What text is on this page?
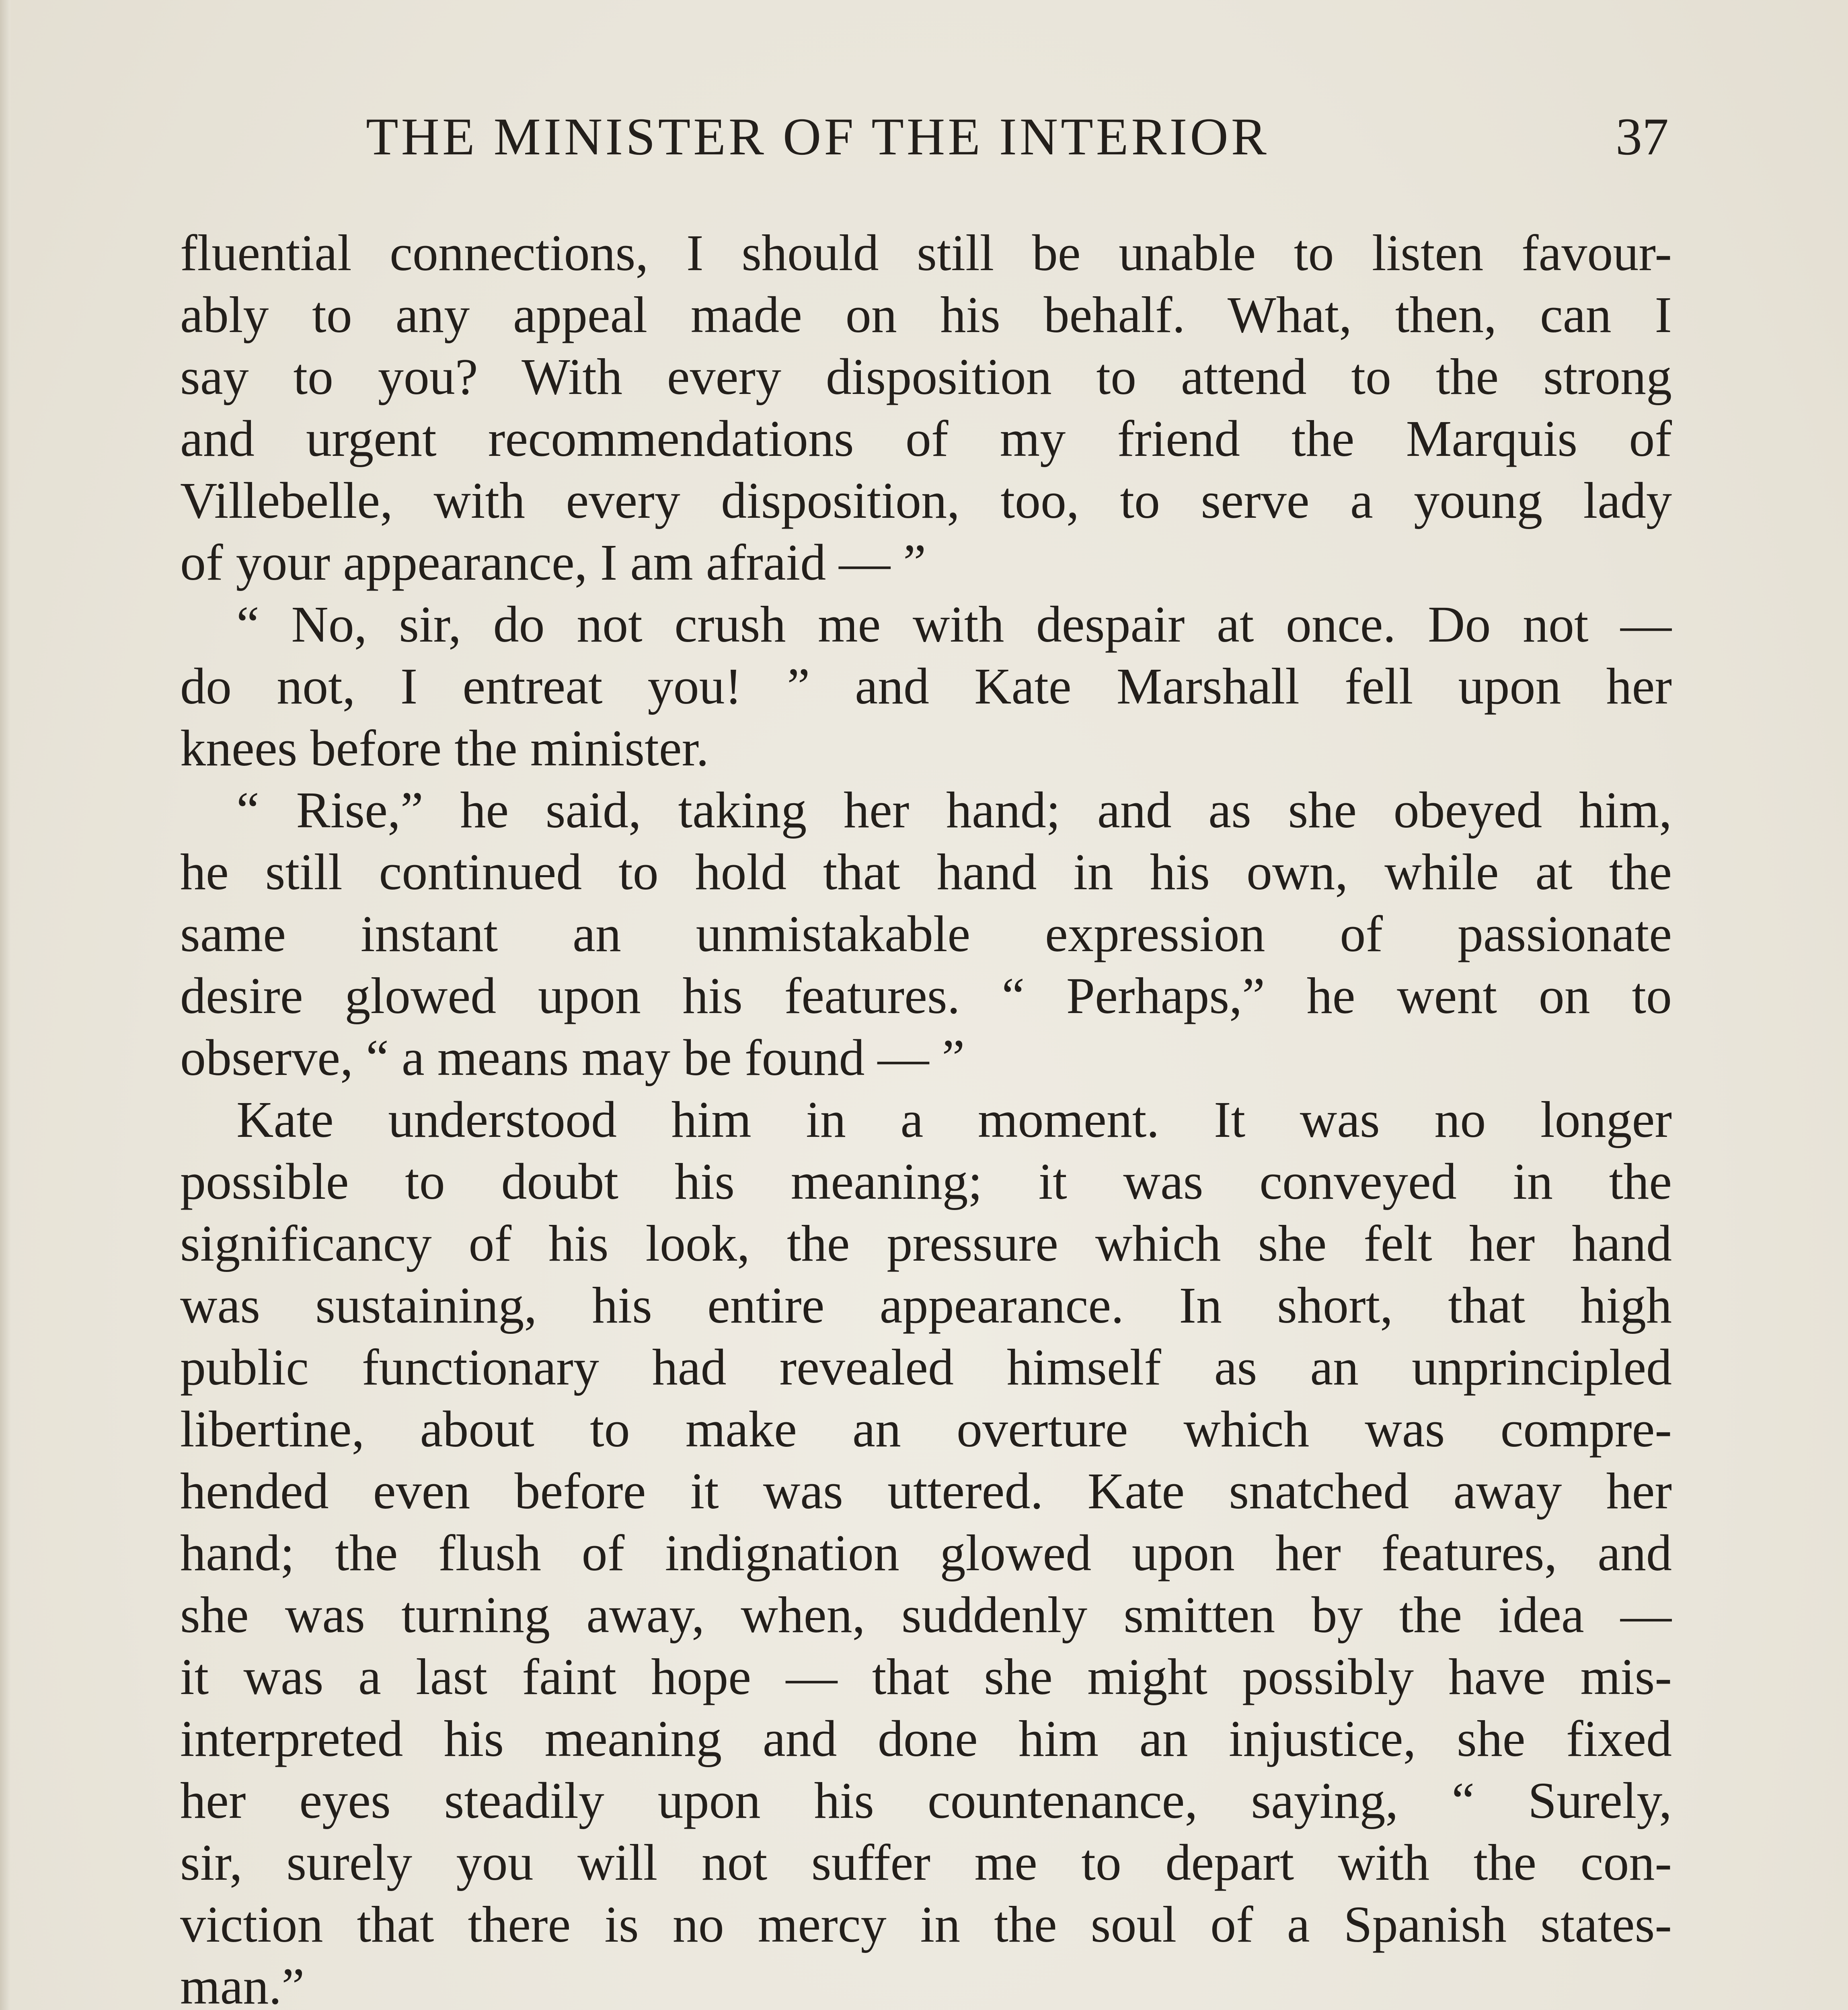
THE MINISTER OF THE INTERIOR	37
fluential connections, I should still be unable to listen favour-
ably to any appeal made on his behalf. What, then, can I
say to you? With every disposition to attend to the strong
and urgent recommendations of my friend the Marquis of
Villebelle, with every disposition, too, to serve a young lady
of your appearance, I am afraid — ”
“ No, sir, do not crush me with despair at once. Do not —
do not, I entreat you! ” and Kate Marshall fell upon her
knees before the minister.
“ Rise,” he said, taking her hand; and as she obeyed him,
he still continued to hold that hand in his own, while at the
same instant an unmistakable expression of passionate
desire glowed upon his features. “ Perhaps,” he went on to
observe, “ a means may be found — ”
Kate understood him in a moment. It was no longer
possible to doubt his meaning; it was conveyed in the
significancy of his look, the pressure which she felt her hand
was sustaining, his entire appearance. In short, that high
public functionary had revealed himself as an unprincipled
libertine, about to make an overture which was compre-
hended even before it was uttered. Kate snatched away her
hand; the flush of indignation glowed upon her features, and
she was turning away, when, suddenly smitten by the idea —
it was a last faint hope — that she might possibly have mis-
interpreted his meaning and done him an injustice, she fixed
her eyes steadily upon his countenance, saying, “ Surely,
sir, surely you will not suffer me to depart with the con-
viction that there is no mercy in the soul of a Spanish states-
man.”
